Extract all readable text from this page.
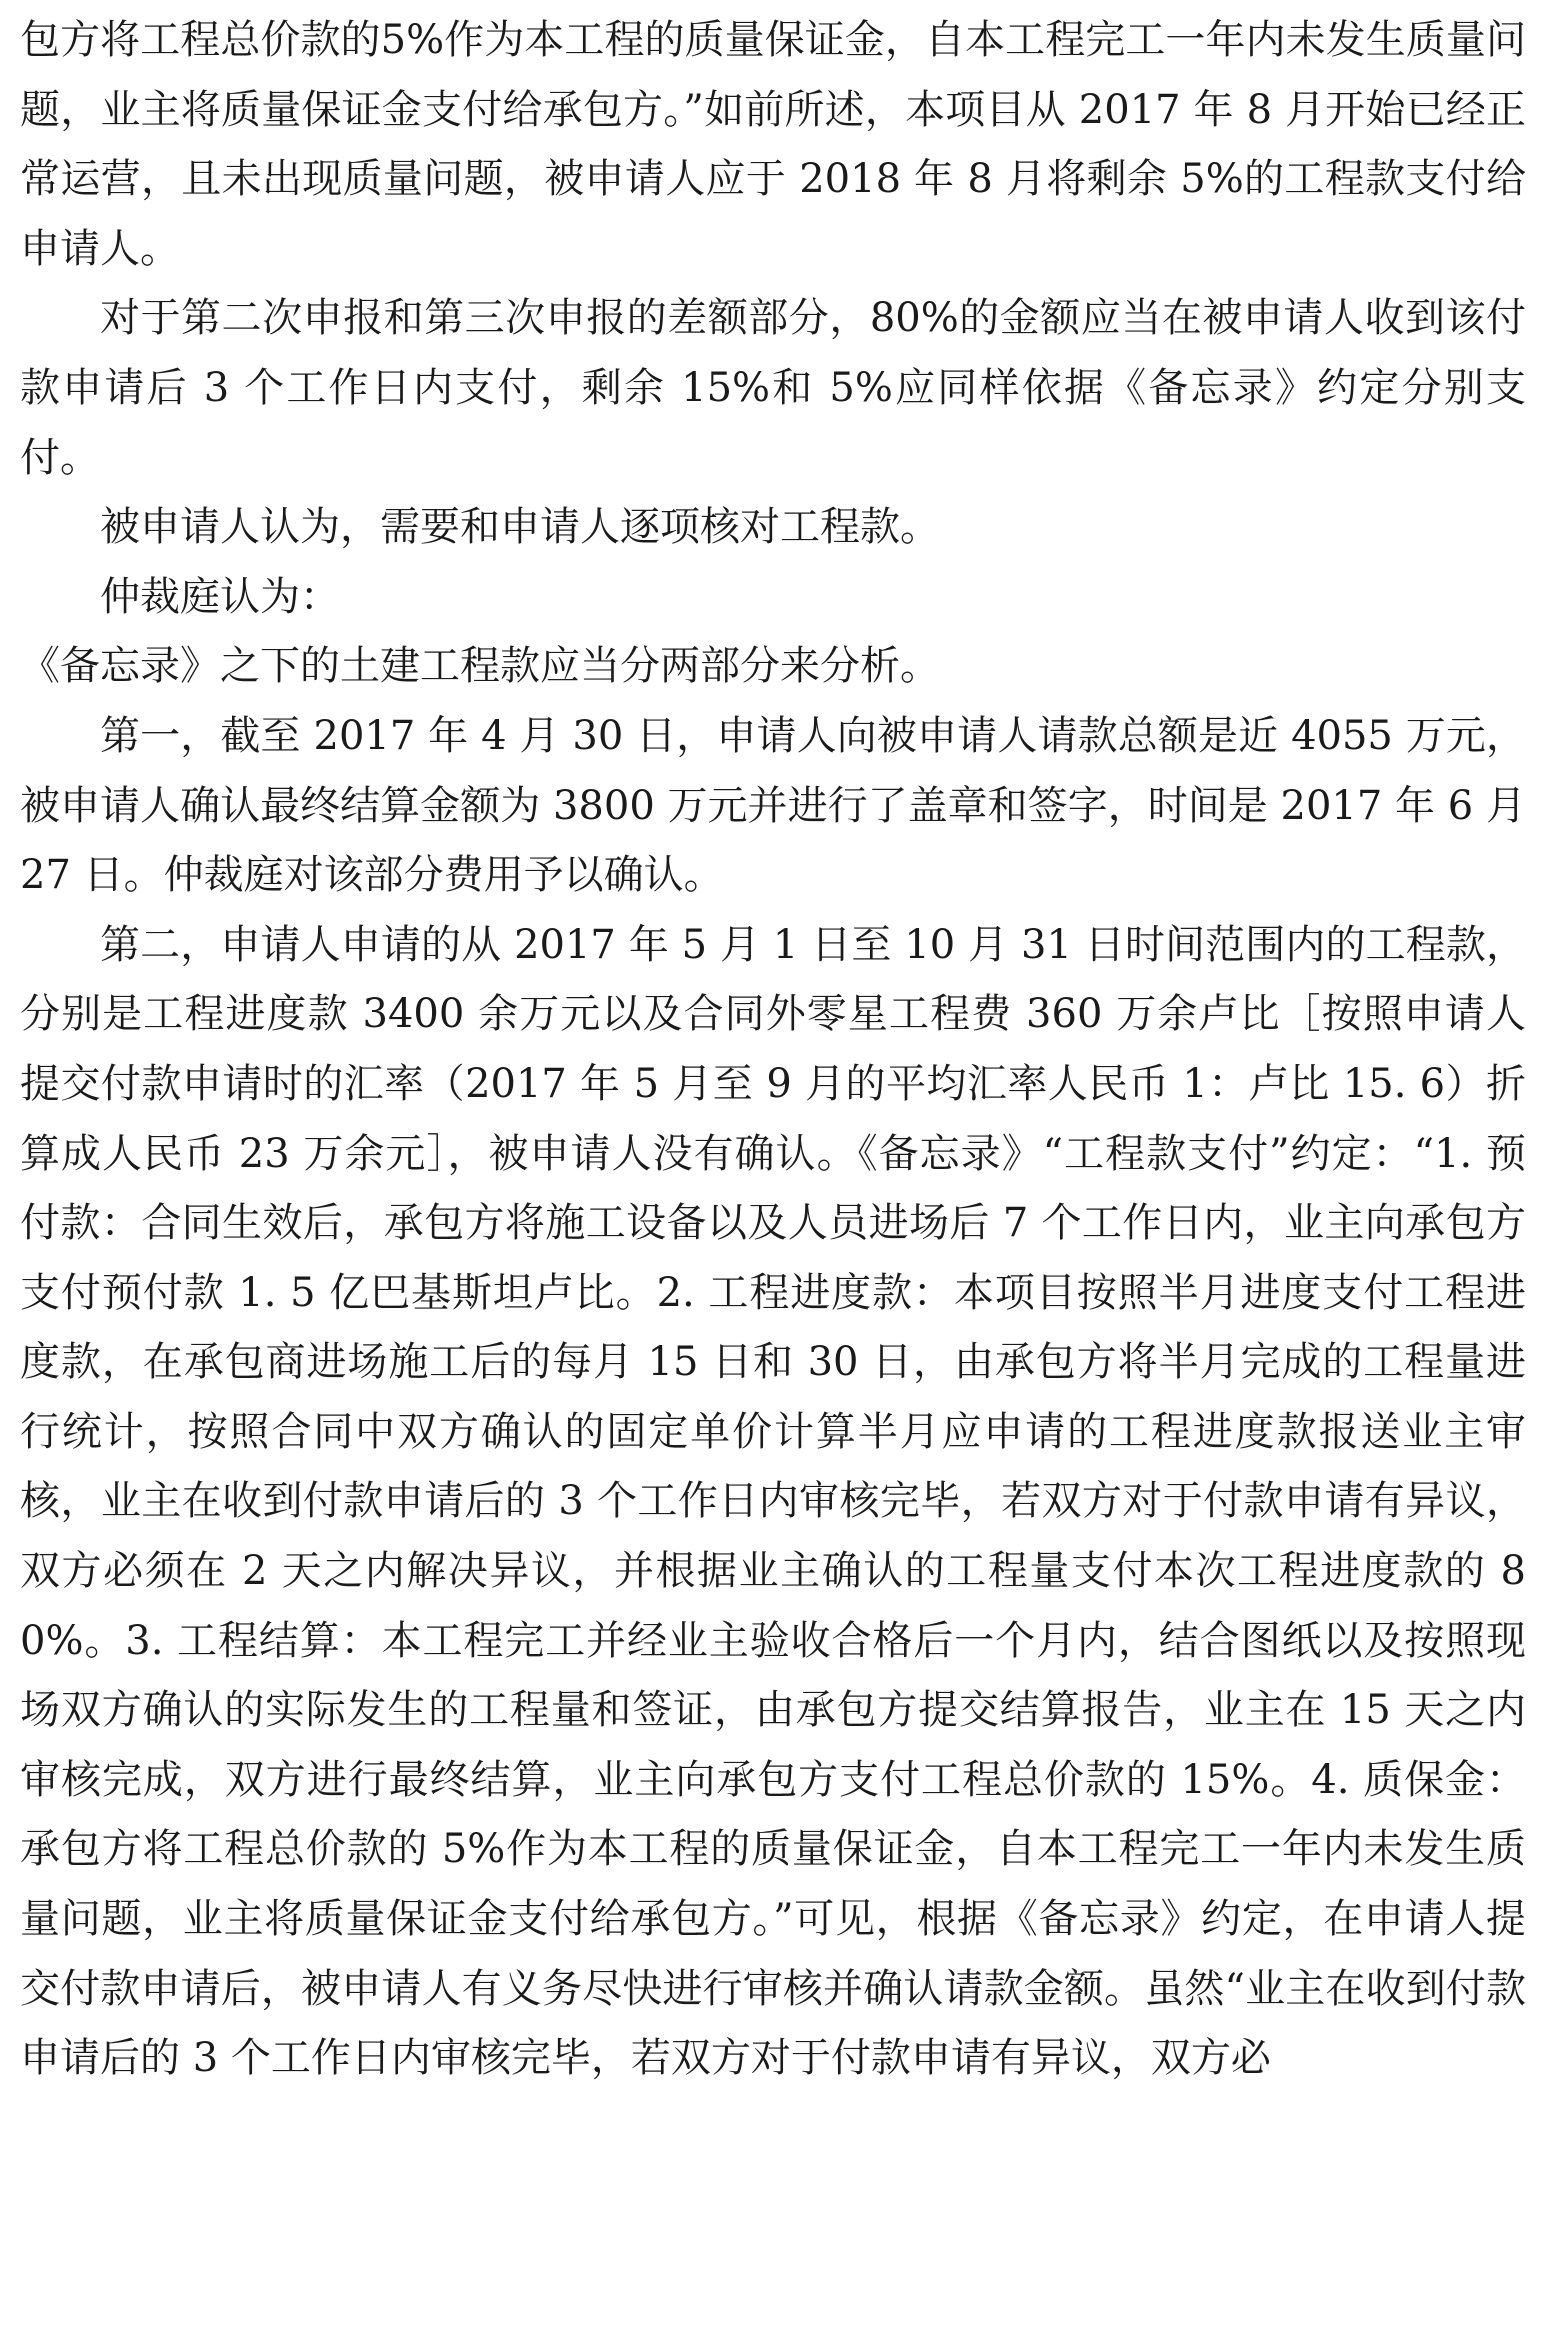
包方将工程总价款的5%作为本工程的质量保证金，自本工程完工一年内未发生质量问题，业主将质量保证金支付给承包方。”如前所述，本项目从 2017 年 8 月开始已经正常运营，且未出现质量问题，被申请人应于 2018 年 8 月将剩余 5%的工程款支付给申请人。

对于第二次申报和第三次申报的差额部分，80%的金额应当在被申请人收到该付款申请后 3 个工作日内支付，剩余 15%和 5%应同样依据《备忘录》约定分别支付。

被申请人认为，需要和申请人逐项核对工程款。

仲裁庭认为：

《备忘录》之下的土建工程款应当分两部分来分析。

第一，截至 2017 年 4 月 30 日，申请人向被申请人请款总额是近 4055 万元，被申请人确认最终结算金额为 3800 万元并进行了盖章和签字，时间是 2017 年 6 月 27 日。仲裁庭对该部分费用予以确认。

第二，申请人申请的从 2017 年 5 月 1 日至 10 月 31 日时间范围内的工程款，分别是工程进度款 3400 余万元以及合同外零星工程费 360 万余卢比［按照申请人提交付款申请时的汇率（2017 年 5 月至 9 月的平均汇率人民币 1：卢比 15. 6）折算成人民币 23 万余元］，被申请人没有确认。《备忘录》“工程款支付”约定：“1. 预付款：合同生效后，承包方将施工设备以及人员进场后 7 个工作日内，业主向承包方支付预付款 1. 5 亿巴基斯坦卢比。2. 工程进度款：本项目按照半月进度支付工程进度款，在承包商进场施工后的每月 15 日和 30 日，由承包方将半月完成的工程量进行统计，按照合同中双方确认的固定单价计算半月应申请的工程进度款报送业主审核，业主在收到付款申请后的 3 个工作日内审核完毕，若双方对于付款申请有异议，双方必须在 2 天之内解决异议，并根据业主确认的工程量支付本次工程进度款的 80%。3. 工程结算：本工程完工并经业主验收合格后一个月内，结合图纸以及按照现场双方确认的实际发生的工程量和签证，由承包方提交结算报告，业主在 15 天之内审核完成，双方进行最终结算，业主向承包方支付工程总价款的 15%。4. 质保金：承包方将工程总价款的 5%作为本工程的质量保证金，自本工程完工一年内未发生质量问题，业主将质量保证金支付给承包方。”可见，根据《备忘录》约定，在申请人提交付款申请后，被申请人有义务尽快进行审核并确认请款金额。虽然“业主在收到付款申请后的 3 个工作日内审核完毕，若双方对于付款申请有异议，双方必
